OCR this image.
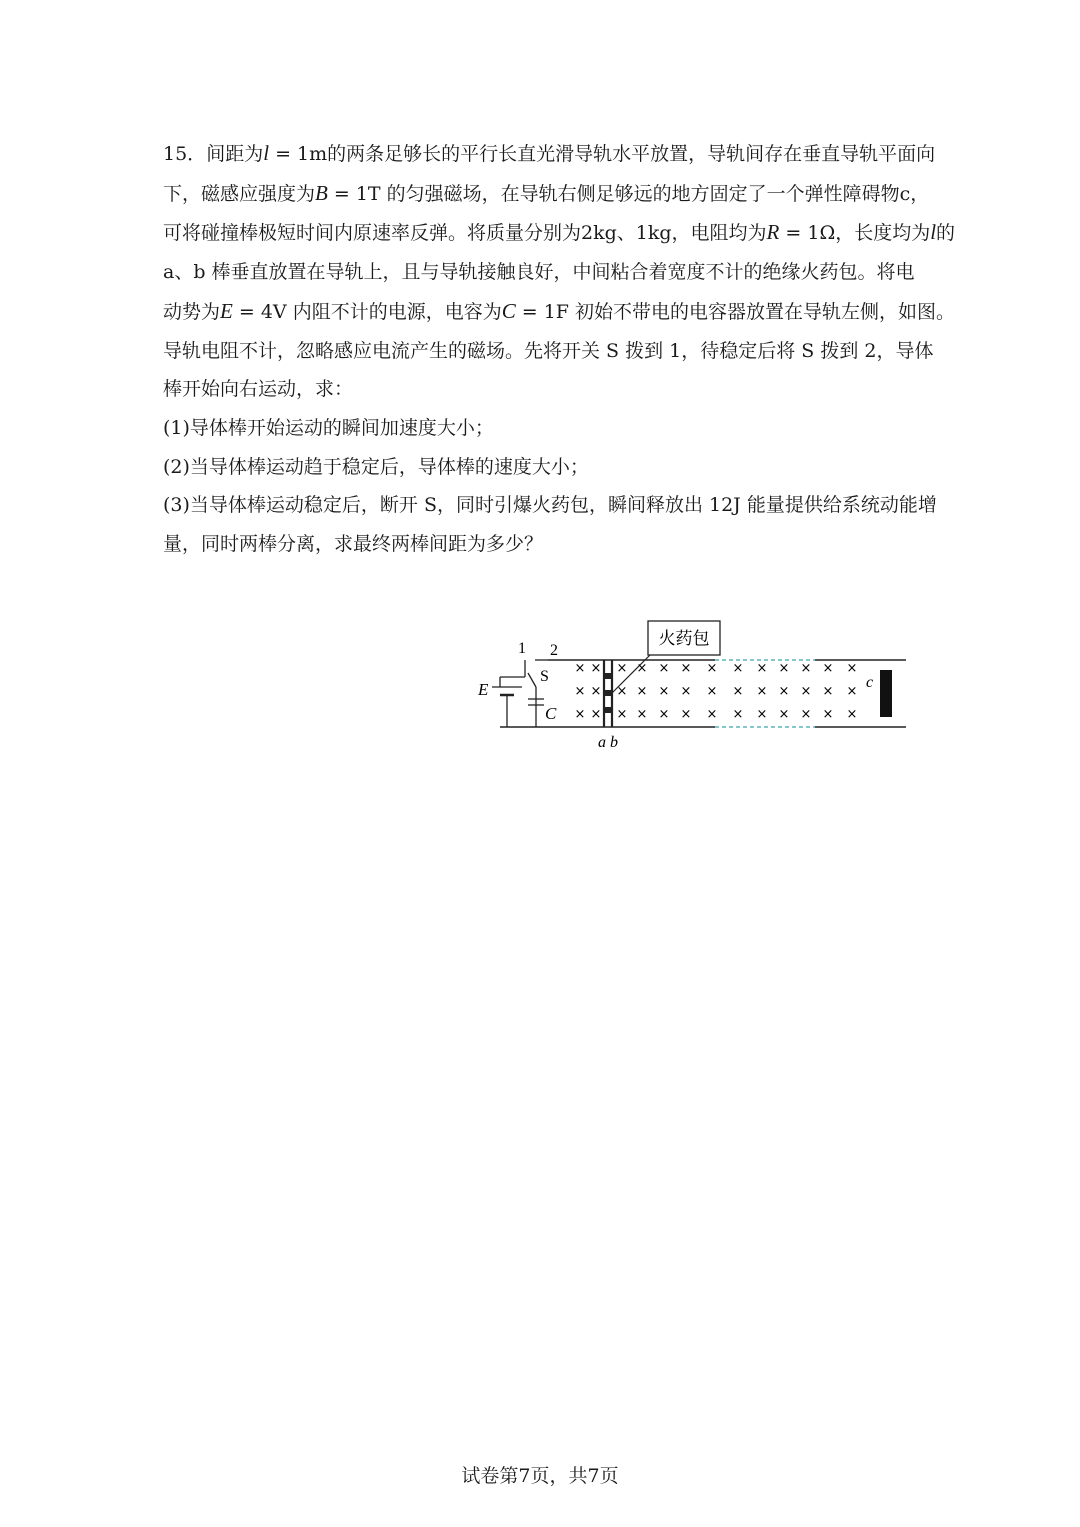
15．间距为l = 1m的两条足够长的平行长直光滑导轨水平放置，导轨间存在垂直导轨平面向

下，磁感应强度为B = 1T 的匀强磁场，在导轨右侧足够远的地方固定了一个弹性障碍物c，

可将碰撞棒极短时间内原速率反弹。将质量分别为2kg、1kg，电阻均为R = 1Ω，长度均为l的

a、b 棒垂直放置在导轨上，且与导轨接触良好，中间粘合着宽度不计的绝缘火药包。将电

动势为E = 4V 内阻不计的电源，电容为C = 1F 初始不带电的电容器放置在导轨左侧，如图。

导轨电阻不计，忽略感应电流产生的磁场。先将开关 S 拨到 1，待稳定后将 S 拨到 2，导体

棒开始向右运动，求：

(1)导体棒开始运动的瞬间加速度大小；

(2)当导体棒运动趋于稳定后，导体棒的速度大小；

(3)当导体棒运动稳定后，断开 S，同时引爆火药包，瞬间释放出 12J 能量提供给系统动能增

量，同时两棒分离，求最终两棒间距为多少？

火药包
1 2
S
E
C
a b
c
×
×
×
×
×
×
×
×
×
×
×
×
×
×
×
×
×
×
×
×
×
×
×
×
×
×
×
×
×
×
×
×
×
×
×
×
×
×
×
试卷第7页，共7页
